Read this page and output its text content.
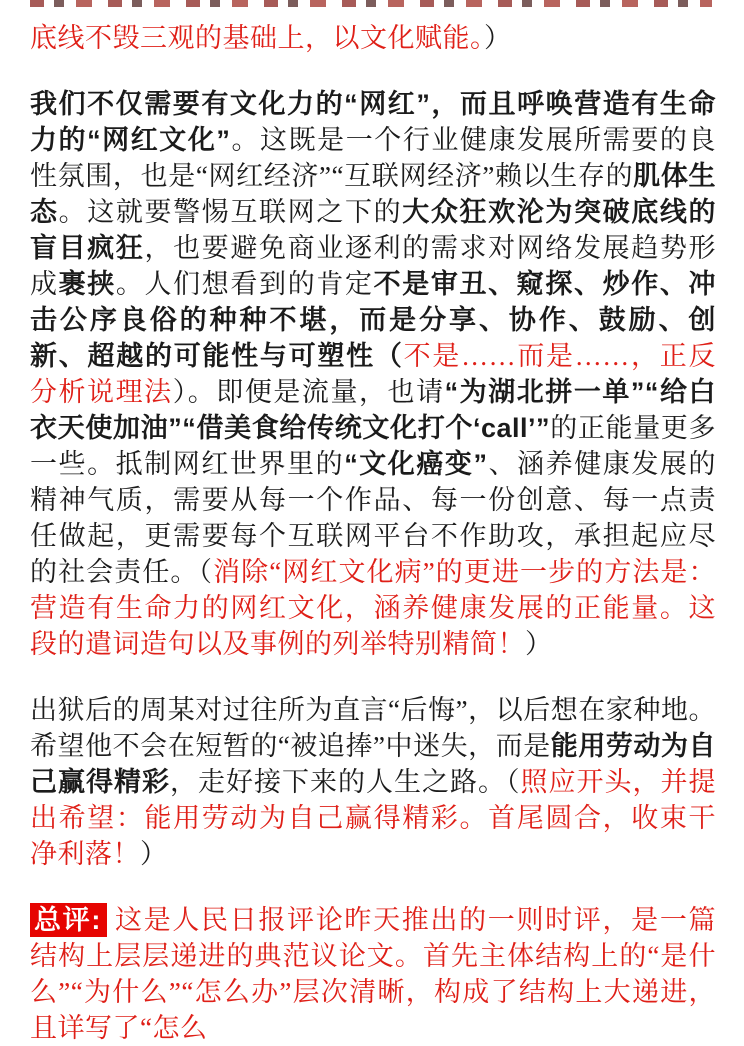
底线不毁三观的基础上，以文化赋能。）

我们不仅需要有文化力的“网红”，而且呼唤营造有生命力的“网红文化”。这既是一个行业健康发展所需要的良性氛围，也是“网红经济”“互联网经济”赖以生存的肌体生态。这就要警惕互联网之下的大众狂欢沦为突破底线的盲目疯狂，也要避免商业逐利的需求对网络发展趋势形成裹挟。人们想看到的肯定不是审丑、窥探、炒作、冲击公序良俗的种种不堪，而是分享、协作、鼓励、创新、超越的可能性与可塑性（不是……而是……，正反分析说理法）。即便是流量，也请“为湖北拼一单”“给白衣天使加油”“借美食给传统文化打个‘call’”的正能量更多一些。抵制网红世界里的“文化癌变”、涵养健康发展的精神气质，需要从每一个作品、每一份创意、每一点责任做起，更需要每个互联网平台不作助攻，承担起应尽的社会责任。（消除“网红文化病”的更进一步的方法是：营造有生命力的网红文化，涵养健康发展的正能量。这段的遣词造句以及事例的列举特别精简！）

出狱后的周某对过往所为直言“后悔”，以后想在家种地。希望他不会在短暂的“被追捧”中迷失，而是能用劳动为自己赢得精彩，走好接下来的人生之路。（照应开头，并提出希望：能用劳动为自己赢得精彩。首尾圆合，收束干净利落！）

总评: 这是人民日报评论昨天推出的一则时评，是一篇结构上层层递进的典范议论文。首先主体结构上的“是什么”“为什么”“怎么办”层次清晰，构成了结构上大递进，且详写了“怎么
